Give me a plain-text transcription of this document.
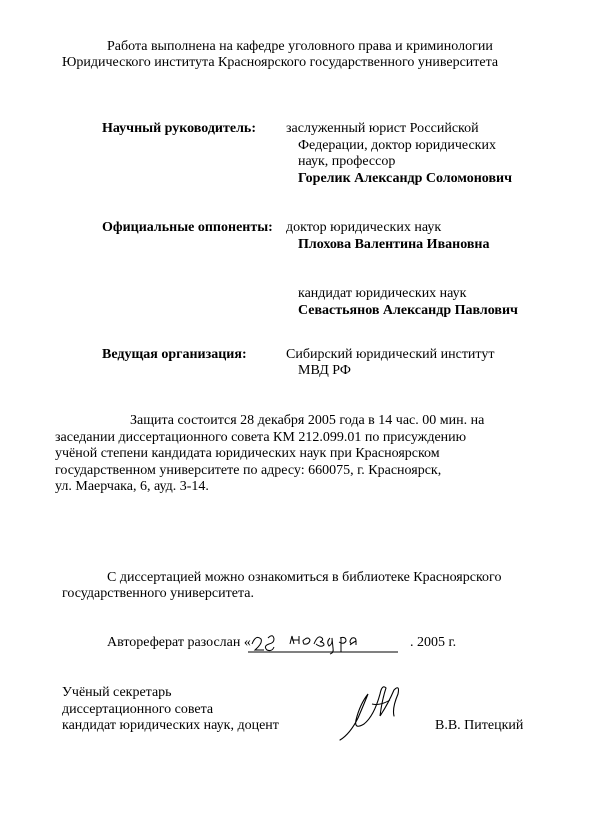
Работа выполнена на кафедре уголовного права и криминологии
Юридического института Красноярского государственного университета
Научный руководитель: заслуженный юрист Российской
Федерации, доктор юридических
наук, профессор
Горелик Александр Соломонович
Официальные оппоненты: доктор юридических наук
Плохова Валентина Ивановна
кандидат юридических наук
Севастьянов Александр Павлович
Ведущая организация:	Сибирский юридический институт
МВД РФ
Защита состоится 28 декабря 2005 года в 14 час. 00 мин. на
заседании диссертационного совета КМ 212.099.01 по присуждению
учёной степени кандидата юридических наук при Красноярском
государственном университете по адресу: 660075, г. Красноярск,
ул. Маерчака, 6, ауд. 3-14.
С диссертацией можно ознакомиться в библиотеке Красноярского
государственного университета.
Автореферат разослан «	. 2005 г.
Учёный секретарь
диссертационного совета
кандидат юридических наук, доцент	В.В. Питецкий
